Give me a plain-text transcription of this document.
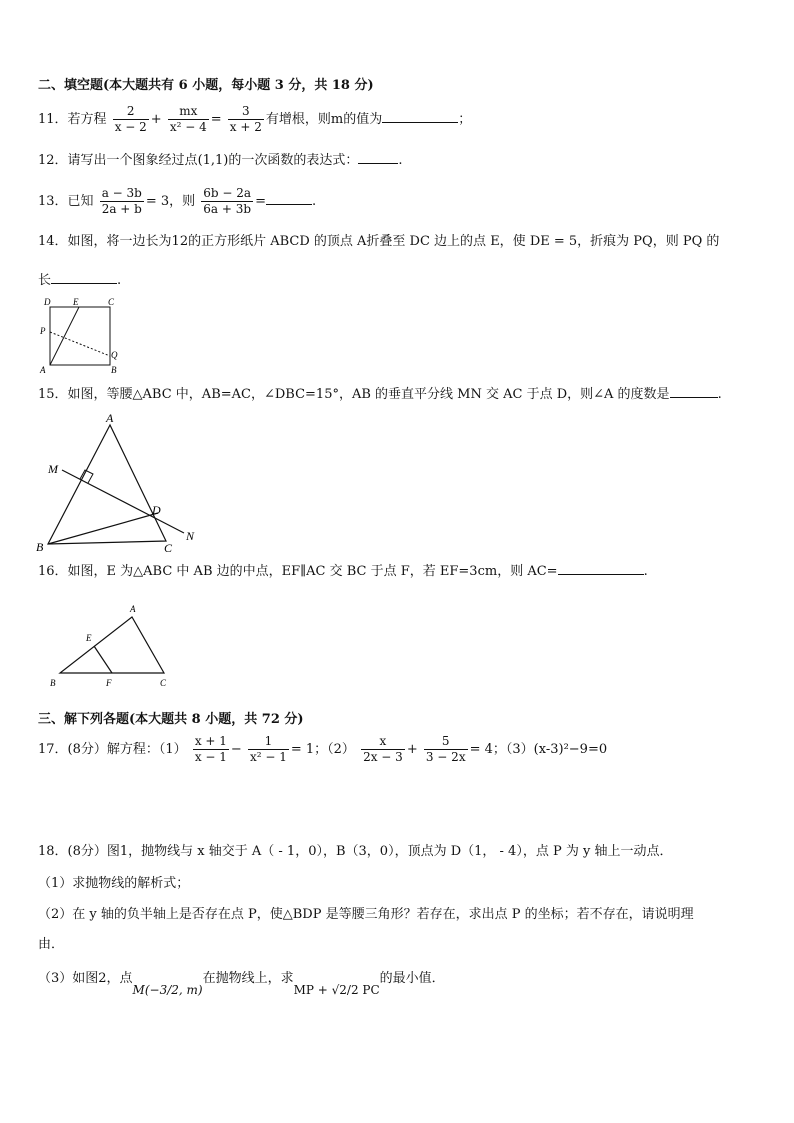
二、填空题(本大题共有 6 小题，每小题 3 分，共 18 分)
11．若方程 $\frac{2}{x - 2} + \frac{mx}{\text{x² − 4}} = \frac{3}{x + 2}$ 有增根，则m的值为	；
12．请写出一个图象经过点(1,1)的一次函数的表达式：	.
13．已知 $\frac{a - 3b}{2a + b} = 3$，则 $\frac{6b - 2a}{6a + 3b}$ =	.
14．如图，将一边长为12的正方形纸片 ABCD 的顶点 A折叠至 DC 边上的点 E，使 DE = 5，折痕为 PQ，则 PQ 的
长	.
D	E	C
P
Q
A	B
15．如图，等腰△ABC 中，AB=AC，∠DBC=15°，AB 的垂直平分线 MN 交 AC 于点 D，则∠A 的度数是	.
A
M
D
N
B	C
16．如图，E 为△ABC 中 AB 边的中点，EF∥AC 交 BC 于点 F，若 EF=3cm，则 AC=	.
A
E
B	F	C
三、解下列各题(本大题共 8 小题，共 72 分)
17．(8分）解方程：$(1) \frac{x + 1}{x - 1} - \frac{1}{\text{x² − 1}} = 1$；$(2) \frac{x}{2x - 3} + \frac{5}{3 - 2x} = 4$；（3）(x-3)²−9=0
18．(8分）图1，抛物线与 x 轴交于 A（ - 1，0），B（3，0），顶点为 D（1， - 4），点 P 为 y 轴上一动点．
（1）求抛物线的解析式；
（2）在 y 轴的负半轴上是否存在点 P，使△BDP 是等腰三角形？若存在，求出点 P 的坐标；若不存在，请说明理
由．
（3）如图2，点M(−3/2, m)在抛物线上，求MP + √2/2 PC的最小值．
